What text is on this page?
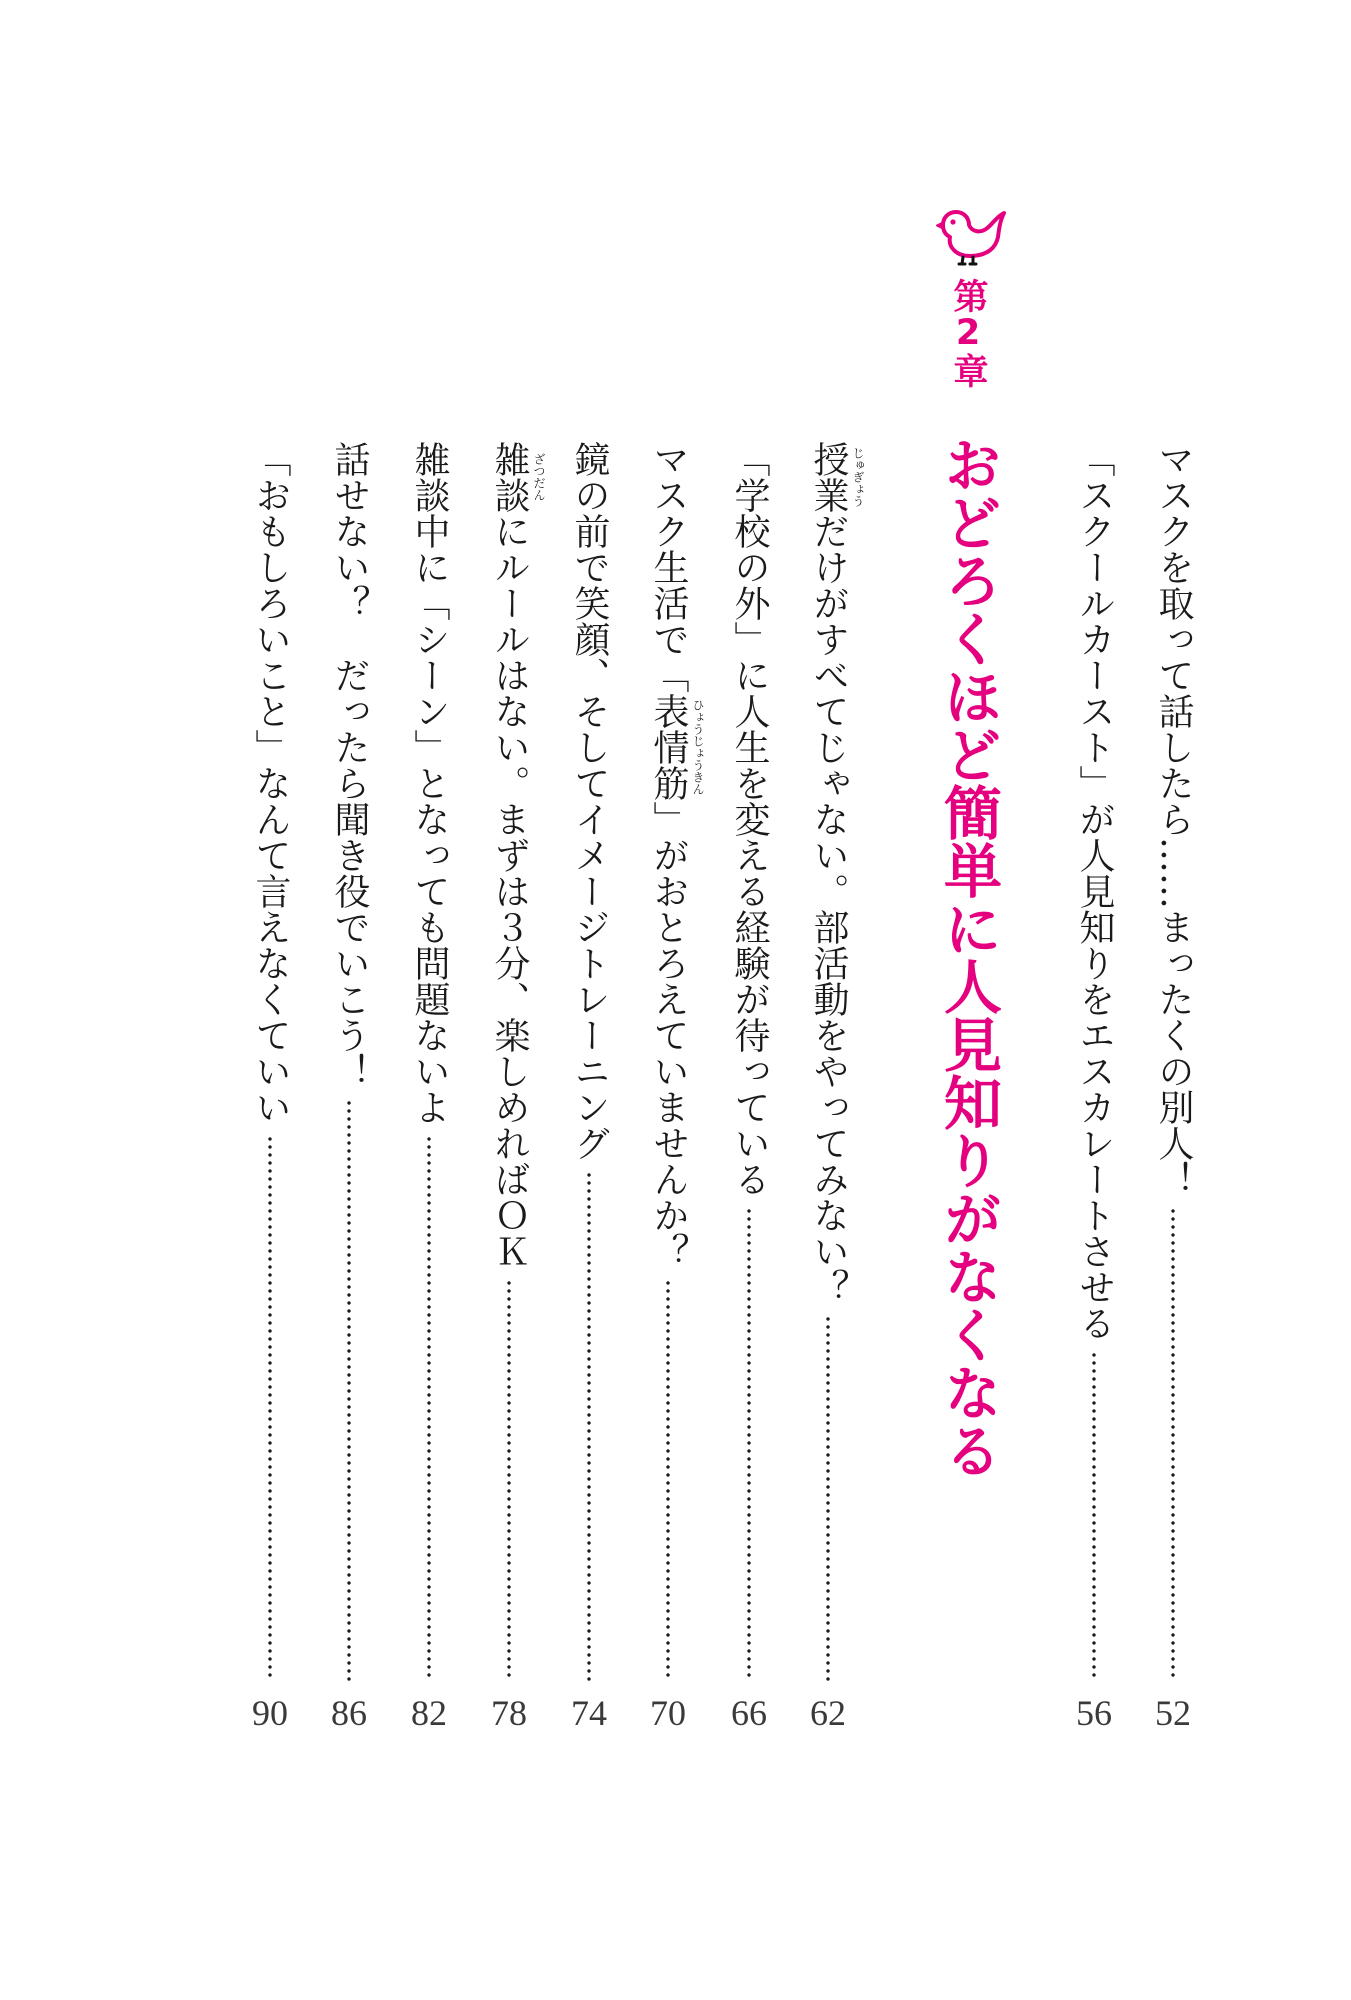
マスクを取って話したら……まったくの別人！
52
「スクールカースト」が人見知りをエスカレートさせる
56
第2章
おどろくほど簡単に人見知りがなくなる
授業 じゅぎょう
だけがすべてじゃない。部活動をやってみない？
62
「学校の外」に人生を変える経験が待っている
66
マスク生活で「表情筋 ひょうじょうきん
」がおとろえていませんか？
70
鏡の前で笑顔、そしてイメージトレーニング
74
雑談 ざつだん
にルールはない。まずは３分、楽しめればＯＫ
78
雑談中に「シーン」となっても問題ないよ
82
話せない？　だったら聞き役でいこう！
86
「おもしろいこと」なんて言えなくていい
90
